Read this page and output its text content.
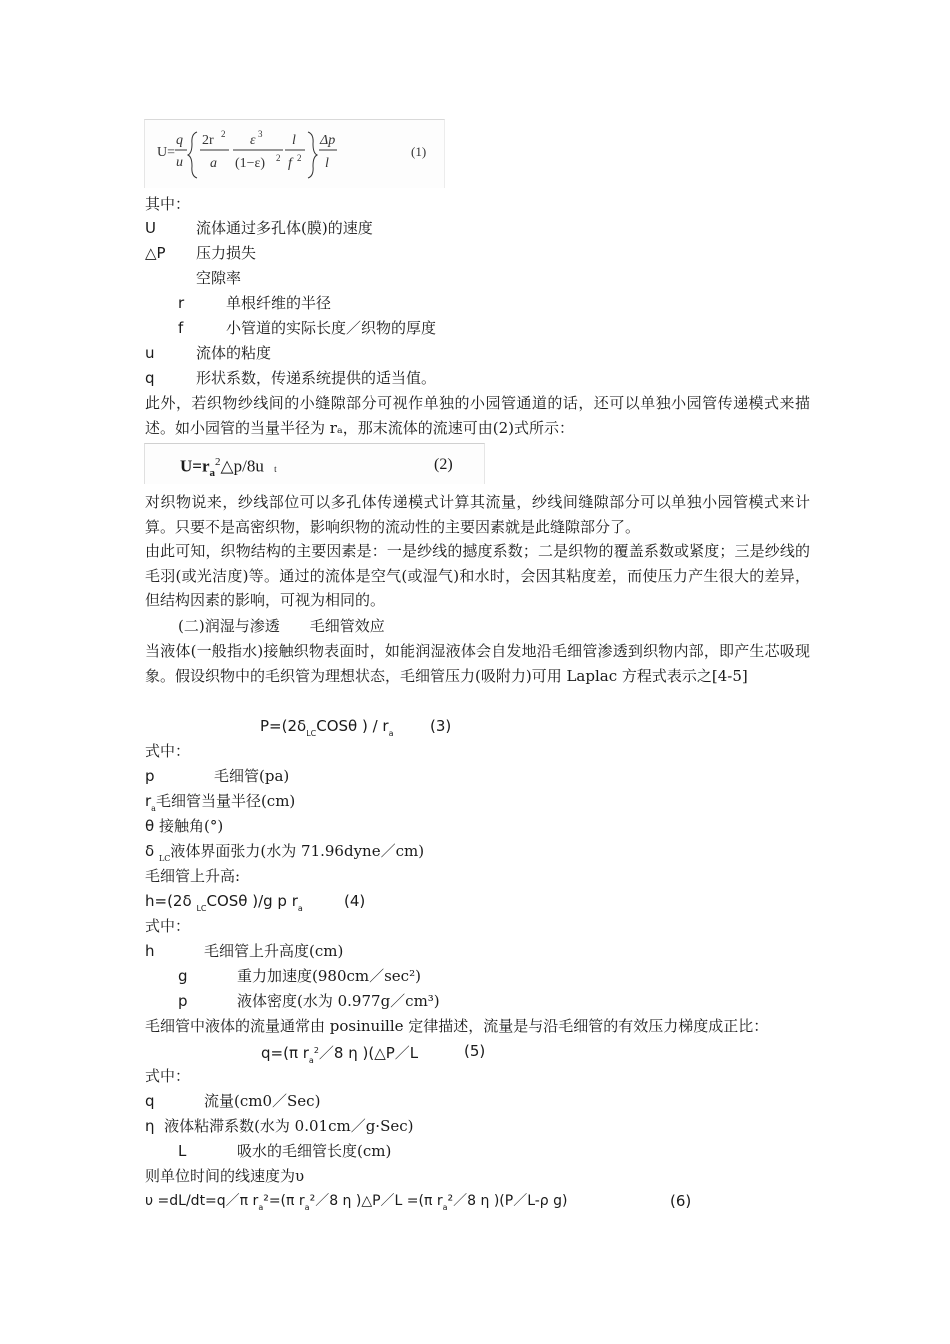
U=
q
u
2r 2
a
ε 3
(1−ε) 2
l
f 2
Δp
l
(1)
其中：
U	流体通过多孔体(膜)的速度
△P 压力损失
空隙率
r	单根纤维的半径
f	小管道的实际长度／织物的厚度
u	流体的粘度
q	形状系数，传递系统提供的适当值。
此外，若织物纱线间的小缝隙部分可视作单独的小园管通道的话，还可以单独小园管传递模式来描述。如小园管的当量半径为 rₐ，那末流体的流速可由(2)式所示：
$U=r_a^2\triangle p/8u$ t	(2)
对织物说来，纱线部位可以多孔体传递模式计算其流量，纱线间缝隙部分可以单独小园管模式来计算。只要不是高密织物，影响织物的流动性的主要因素就是此缝隙部分了。
由此可知，织物结构的主要因素是：一是纱线的撼度系数；二是织物的覆盖系数或紧度；三是纱线的毛羽(或光洁度)等。通过的流体是空气(或湿气)和水时，会因其粘度差，而使压力产生很大的差异，但结构因素的影响，可视为相同的。
(二)润湿与渗透　　毛细管效应
当液体(一般指水)接触织物表面时，如能润湿液体会自发地沿毛细管渗透到织物内部，即产生芯吸现象。假设织物中的毛织管为理想状态，毛细管压力(吸附力)可用 Laplac 方程式表示之[4-5]
$P=(2\delta_{LC}COS\theta$ ) / $r_a$ (3)
式中：
p	毛细管(pa)
$r_a$毛细管当量半径(cm)
θ 接触角(°)
δ $_{LC}$液体界面张力(水为 71.96dyne／cm)
毛细管上升高:
h=(2δ $_{LC}$COSθ )/g p $r_a$	(4)
式中：
h	毛细管上升高度(cm)
g	重力加速度(980cm／sec²)
p	液体密度(水为 0.977g／cm³)
毛细管中液体的流量通常由 posinuille 定律描述，流量是与沿毛细管的有效压力梯度成正比：
q=(π $r_a^2/8$ η )(△P／L	(5)
式中：
q	流量(cm0／Sec)
η 液体粘滞系数(水为 0.01cm／g·Sec)
L	吸水的毛细管长度(cm)
则单位时间的线速度为υ
υ =dL/dt=q／π $r_a^2=(\pi$ $r_a^2/8$ η )△P／L =(π $r_a^2/8$ η )(P／L-ρ g)	(6)
